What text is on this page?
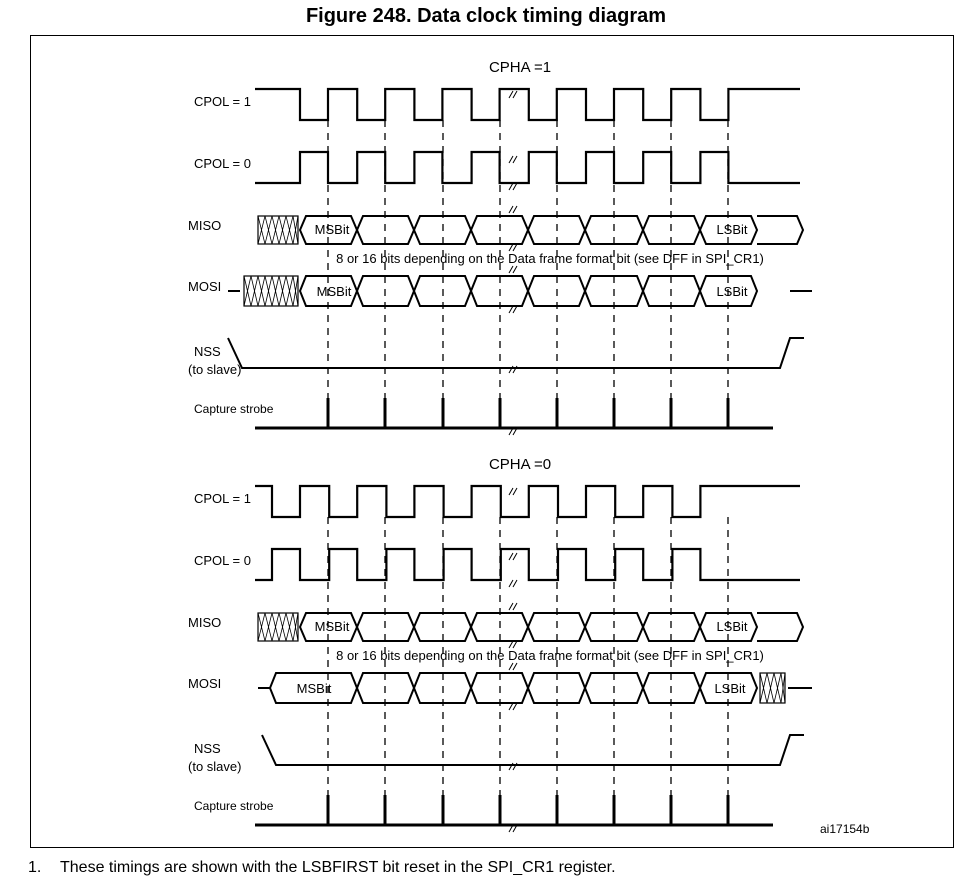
Figure 248. Data clock timing diagram
ai17154b
CPHA =1
CPOL = 1
CPOL = 0
MISO
MOSI
NSS
(to slave)
Capture strobe
MSBit	LSBit
8 or 16 bits depending on the Data frame format bit (see DFF in SPI_CR1)
MSBit	LSBit
CPHA =0
CPOL = 1
CPOL = 0
MISO
MOSI
NSS
(to slave)
Capture strobe
MSBit	LSBit
8 or 16 bits depending on the Data frame format bit (see DFF in SPI_CR1)
MSBit	LSBit
1. These timings are shown with the LSBFIRST bit reset in the SPI_CR1 register.
